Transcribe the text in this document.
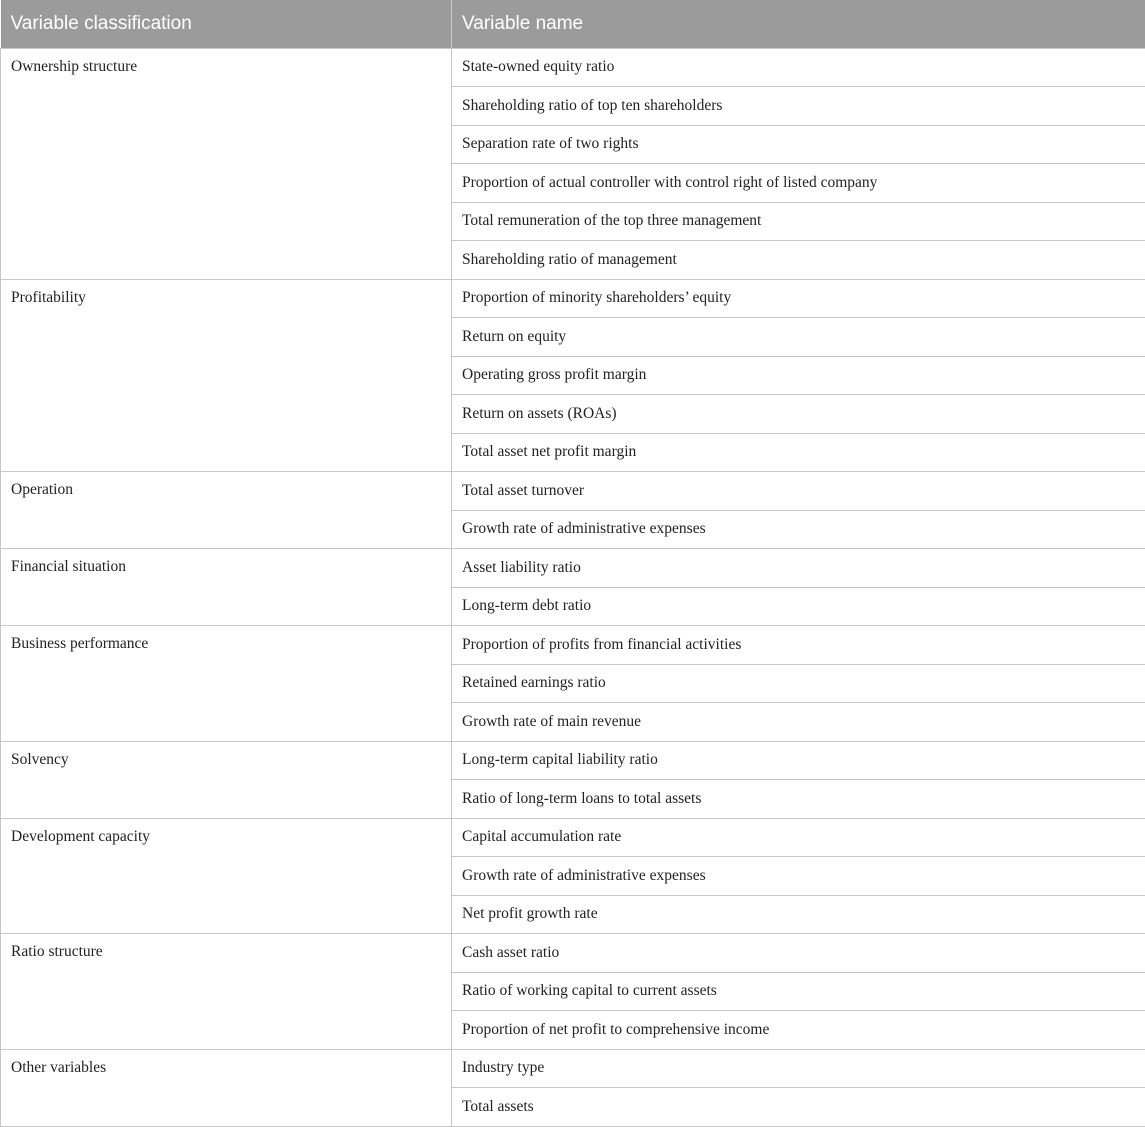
Variable classification	Variable name
Ownership structure	State-owned equity ratio
	Shareholding ratio of top ten shareholders
	Separation rate of two rights
	Proportion of actual controller with control right of listed company
	Total remuneration of the top three management
	Shareholding ratio of management
Profitability	Proportion of minority shareholders’ equity
	Return on equity
	Operating gross profit margin
	Return on assets (ROAs)
	Total asset net profit margin
Operation	Total asset turnover
	Growth rate of administrative expenses
Financial situation	Asset liability ratio
	Long-term debt ratio
Business performance	Proportion of profits from financial activities
	Retained earnings ratio
	Growth rate of main revenue
Solvency	Long-term capital liability ratio
	Ratio of long-term loans to total assets
Development capacity	Capital accumulation rate
	Growth rate of administrative expenses
	Net profit growth rate
Ratio structure	Cash asset ratio
	Ratio of working capital to current assets
	Proportion of net profit to comprehensive income
Other variables	Industry type
	Total assets
